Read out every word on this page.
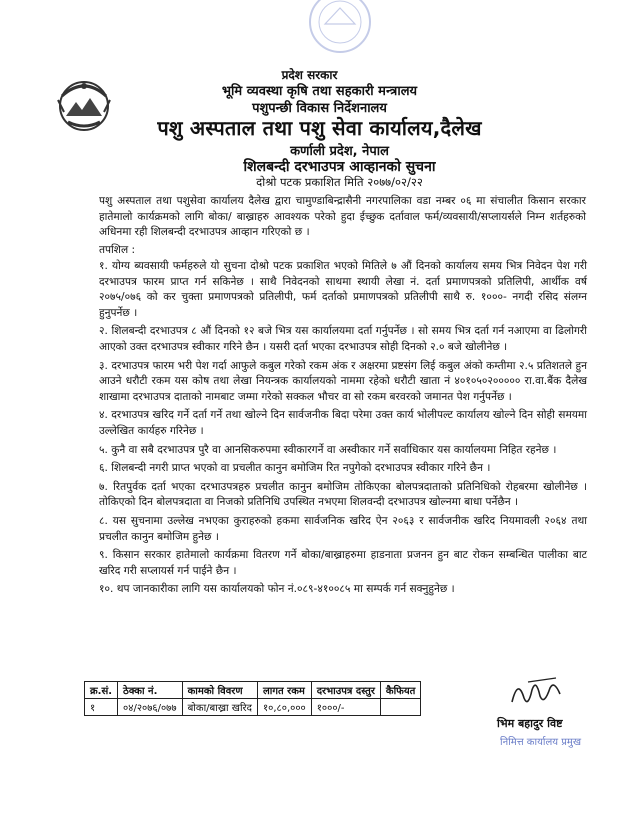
प्रदेश सरकार
भूमि व्यवस्था कृषि तथा सहकारी मन्त्रालय
पशुपन्छी विकास निर्देशनालय
पशु अस्पताल तथा पशु सेवा कार्यालय,दैलेख
कर्णाली प्रदेश, नेपाल
शिलबन्दी दरभाउपत्र आव्हानको सुचना
दोश्रो पटक प्रकाशित मिति २०७७/०२/२२
पशु अस्पताल तथा पशुसेवा कार्यालय दैलेख द्वारा चामुण्डाबिन्द्रासैनी नगरपालिका वडा नम्बर ०६ मा संचालीत किसान सरकार हातेमालो कार्यक्रमको लागि बोका/ बाख्राहरु आवश्यक परेको हुदा ईच्छुक दर्तावाल फर्म/व्यवसायी/सप्लायर्सले निम्न शर्तहरुको अधिनमा रही शिलबन्दी दरभाउपत्र आव्हान गरिएको छ ।
तपशिल :

१. योग्य ब्यवसायी फर्महरुले यो सुचना दोश्रो पटक प्रकाशित भएको मितिले ७ औं दिनको कार्यालय समय भित्र निवेदन पेश गरी दरभाउपत्र फारम प्राप्त गर्न सकिनेछ । साथै निवेदनको साथमा स्थायी लेखा नं. दर्ता प्रमाणपत्रको प्रतिलिपी, आर्थीक वर्ष २०७५/०७६ को कर चुक्ता प्रमाणपत्रको प्रतिलीपी, फर्म दर्ताको प्रमाणपत्रको प्रतिलीपी साथै रु. १०००- नगदी रसिद संलग्न हुनुपर्नेछ ।

२. शिलबन्दी दरभाउपत्र ८ औं दिनको १२ बजे भित्र यस कार्यालयमा दर्ता गर्नुपर्नेछ । सो समय भित्र दर्ता गर्न नआएमा वा ढिलोगरी आएको उक्त दरभाउपत्र स्वीकार गरिने छैन । यसरी दर्ता भएका दरभाउपत्र सोही दिनको २.० बजे खोलीनेछ ।

३. दरभाउपत्र फारम भरी पेश गर्दा आफुले कबुल गरेको रकम अंक र अक्षरमा प्रष्टसंग लिई कबुल अंको कम्तीमा २.५ प्रतिशतले हुन आउने धरौटी रकम यस कोष तथा लेखा नियन्त्रक कार्यालयको नाममा रहेको धरौटी खाता नं ४०१०५०२००००० रा.वा.बैंक दैलेख शाखामा दरभाउपत्र दाताको नामबाट जम्मा गरेको सक्कल भौचर वा सो रकम बरवरको जमानत पेश गर्नुपर्नेछ ।

४. दरभाउपत्र खरिद गर्ने दर्ता गर्ने तथा खोल्ने दिन सार्वजनीक बिदा परेमा उक्त कार्य भोलीपल्ट कार्यालय खोल्ने दिन सोही समयमा उल्लेखित कार्यहरु गरिनेछ ।

५. कुनै वा सबै दरभाउपत्र पुरै वा आनसिकरुपमा स्वीकारगर्ने वा अस्वीकार गर्ने सर्वाधिकार यस कार्यालयमा निहित रहनेछ ।

६. शिलबन्दी नगरी प्राप्त भएको वा प्रचलीत कानुन बमोजिम रित नपुगेको दरभाउपत्र स्वीकार गरिने छैन ।

७. रितपुर्वक दर्ता भएका दरभाउपत्रहरु प्रचलीत कानुन बमोजिम तोकिएका बोलपत्रदाताको प्रतिनिधिको रोहबरमा खोलीनेछ । तोकिएको दिन बोलपत्रदाता वा निजको प्रतिनिधि उपस्थित नभएमा शिलवन्दी दरभाउपत्र खोल्नमा बाधा पर्नेछैन ।

८. यस सुचनामा उल्लेख नभएका कुराहरुको हकमा सार्वजनिक खरिद ऐन २०६३ र सार्वजनीक खरिद नियमावली २०६४ तथा प्रचलीत कानुन बमोजिम हुनेछ ।

९. किसान सरकार हातेमालो कार्यक्रमा वितरण गर्ने बोका/बाख्राहरुमा हाडनाता प्रजनन हुन बाट रोकन सम्बन्धित पालीका बाट खरिद गरी सप्लायर्स गर्न पाईने छैन ।

१०. थप जानकारीका लागि यस कार्यालयको फोन नं.०८९-४१००८५ मा सम्पर्क गर्न सक्नुहुनेछ ।

क्र.सं.	ठेक्का नं.	कामको विवरण	लागत रकम	दरभाउपत्र दस्तुर	कैफियत
१	०४/२०७६/०७७	बोका/बाख्रा खरिद	१०,८०,०००	१०००/-	
भिम बहादुर विष्ट
निमित्त कार्यालय प्रमुख
